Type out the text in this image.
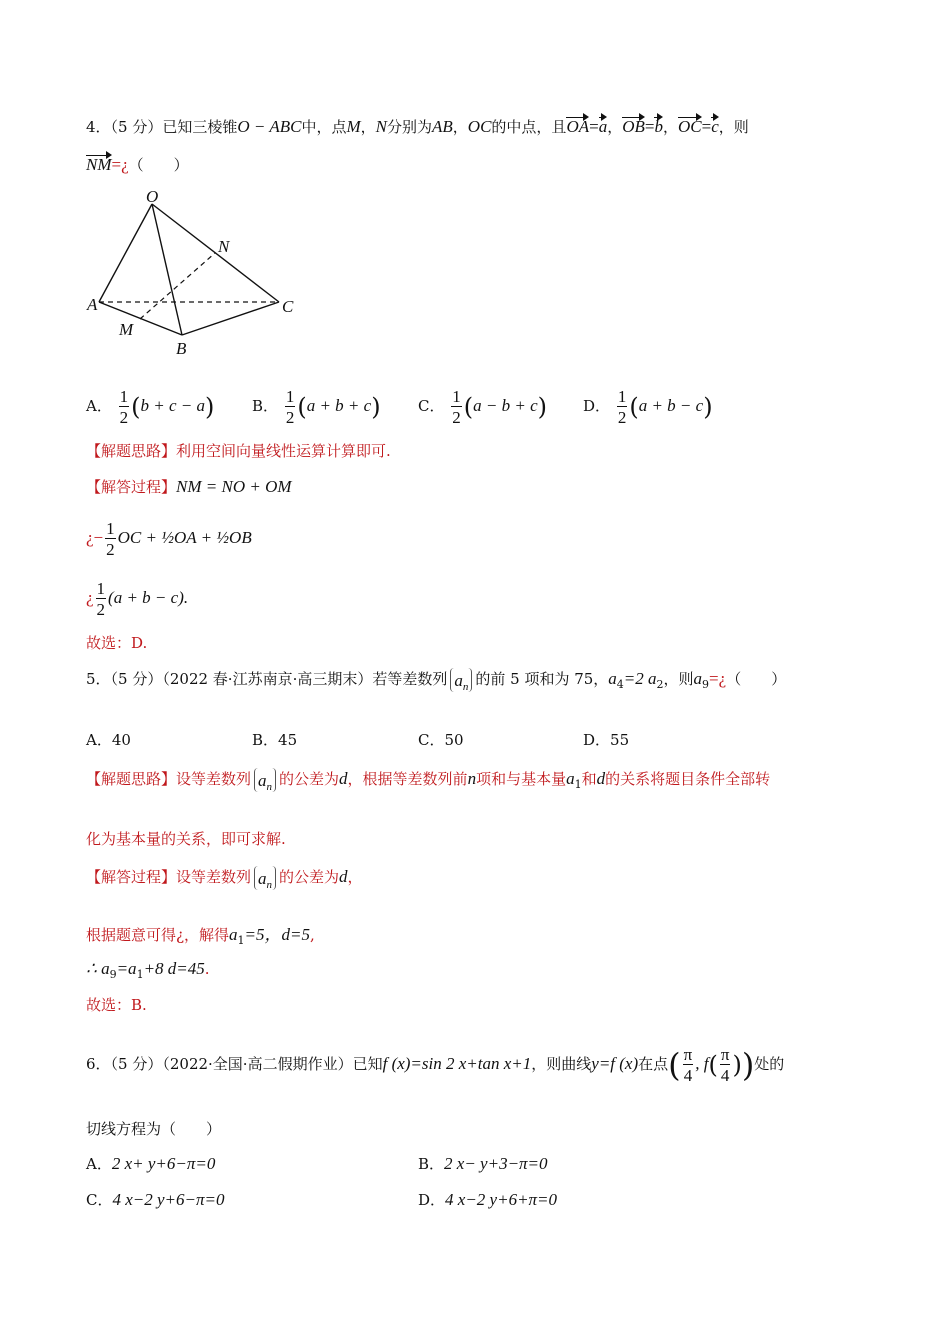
4．（5 分）已知三棱锥O − ABC中，点M，N分别为AB，OC的中点，且OA=a，OB=b，OC=c，则
NM=¿（　　）
O
N
A	C
M
B
A． $\frac{1}{2} (b + c - a)$	B． $\frac{1}{2} (a + b + c)$ C． $\frac{1}{2} (a - b + c)$ D． $\frac{1}{2} (a + b - c)$
【解题思路】利用空间向量线性运算计算即可.
【解答过程】NM = NO + OM
¿− $\frac{1}{2}$ OC + ½OA + ½OB
¿ $\frac{1}{2} (a + b - c)$.
故选：D.
5．（5 分）（2022 春·江苏南京·高三期末）若等差数列 $a_n$ 的前 5 项和为 75，$a_4=2$ $a_2$，则$a_9=¿$（　　）
A．40	B．45	C．50	D．55
【解题思路】设等差数列 $a_n$ 的公差为d，根据等差数列前n项和与基本量$a_1$和d的关系将题目条件全部转
化为基本量的关系，即可求解.
【解答过程】设等差数列 $a_n$ 的公差为d，
根据题意可得¿，解得$a_1=5$，d=5,
∴ $a_9=a_1+8$ d=45.
故选：B.
6．（5 分）（2022·全国·高二假期作业）已知f (x)=sin 2 x+tan x+1，则曲线y=f (x)在点( $\frac{\pi}{4}$ , $f( \frac{\pi}{4}$ ))处的
切线方程为（　　）
A．2 x+ y+6−π=0	B．2 x− y+3−π=0
C．4 x−2 y+6−π=0	D．4 x−2 y+6+π=0
